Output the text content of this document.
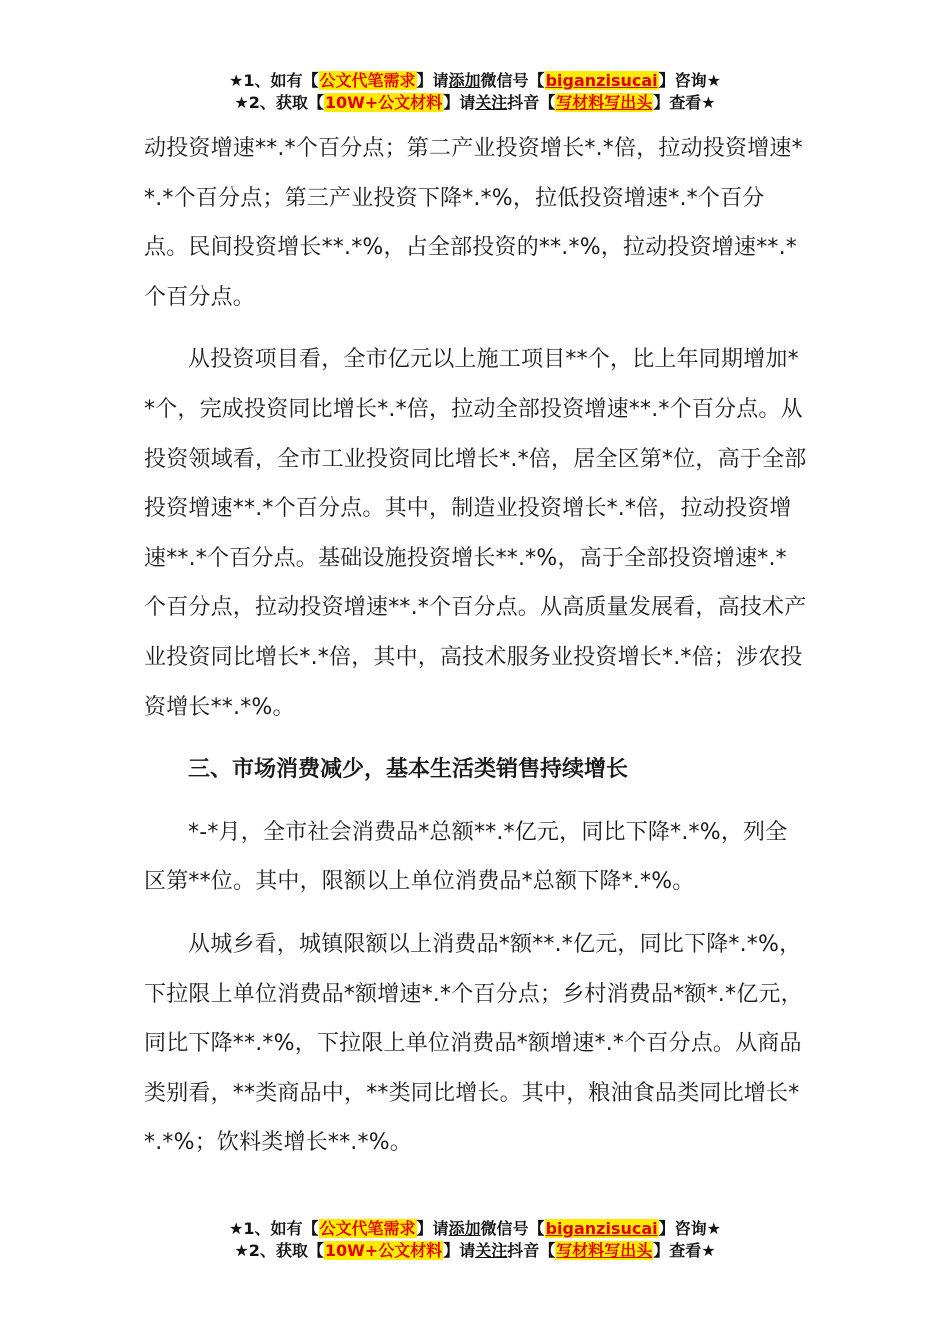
★1、如有【公文代笔需求】请添加微信号【biganzisucai】咨询★
★2、获取【10W+公文材料】请关注抖音【写材料写出头】查看★

动投资增速**.*个百分点；第二产业投资增长*.*倍，拉动投资增速**.*个百分点；第三产业投资下降*.*%，拉低投资增速*.*个百分点。民间投资增长**.*%，占全部投资的**.*%，拉动投资增速**.*个百分点。

从投资项目看，全市亿元以上施工项目**个，比上年同期增加**个，完成投资同比增长*.*倍，拉动全部投资增速**.*个百分点。从投资领域看，全市工业投资同比增长*.*倍，居全区第*位，高于全部投资增速**.*个百分点。其中，制造业投资增长*.*倍，拉动投资增速**.*个百分点。基础设施投资增长**.*%，高于全部投资增速*.*个百分点，拉动投资增速**.*个百分点。从高质量发展看，高技术产业投资同比增长*.*倍，其中，高技术服务业投资增长*.*倍；涉农投资增长**.*%。

三、市场消费减少，基本生活类销售持续增长

*-*月，全市社会消费品*总额**.*亿元，同比下降*.*%，列全区第**位。其中，限额以上单位消费品*总额下降*.*%。

从城乡看，城镇限额以上消费品*额**.*亿元，同比下降*.*%，下拉限上单位消费品*额增速*.*个百分点；乡村消费品*额*.*亿元，同比下降**.*%，下拉限上单位消费品*额增速*.*个百分点。从商品类别看，**类商品中，**类同比增长。其中，粮油食品类同比增长**.*%；饮料类增长**.*%。

★1、如有【公文代笔需求】请添加微信号【biganzisucai】咨询★
★2、获取【10W+公文材料】请关注抖音【写材料写出头】查看★
